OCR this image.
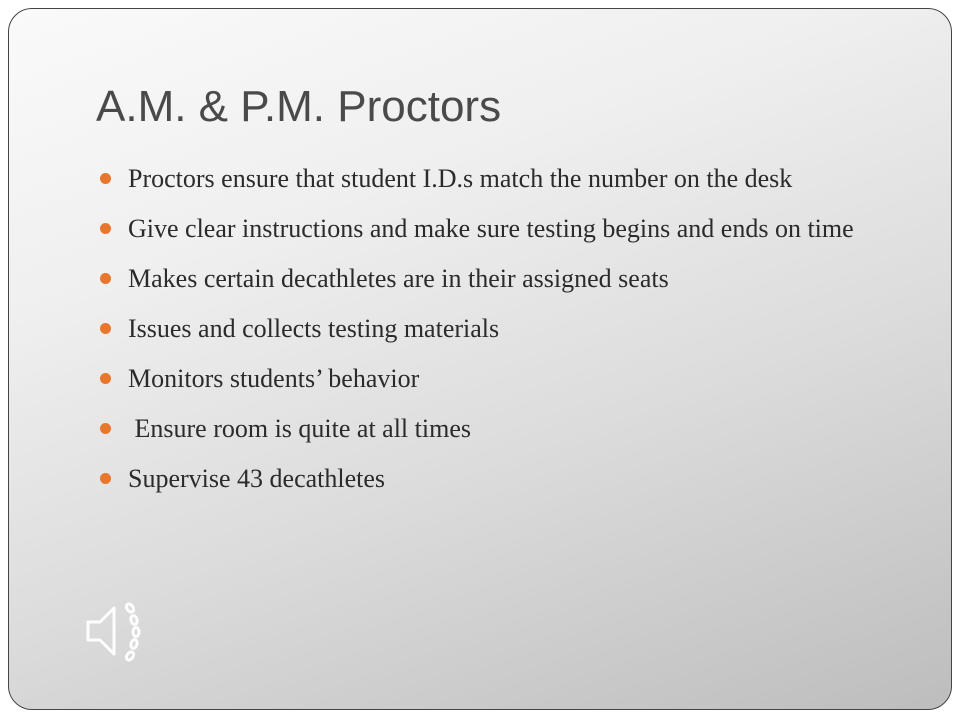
A.M. & P.M. Proctors
Proctors ensure that student I.D.s match the number on the desk
Give clear instructions and make sure testing begins and ends on time
Makes certain decathletes are in their assigned seats
Issues and collects testing materials
Monitors students’ behavior
Ensure room is quite at all times
Supervise 43 decathletes
